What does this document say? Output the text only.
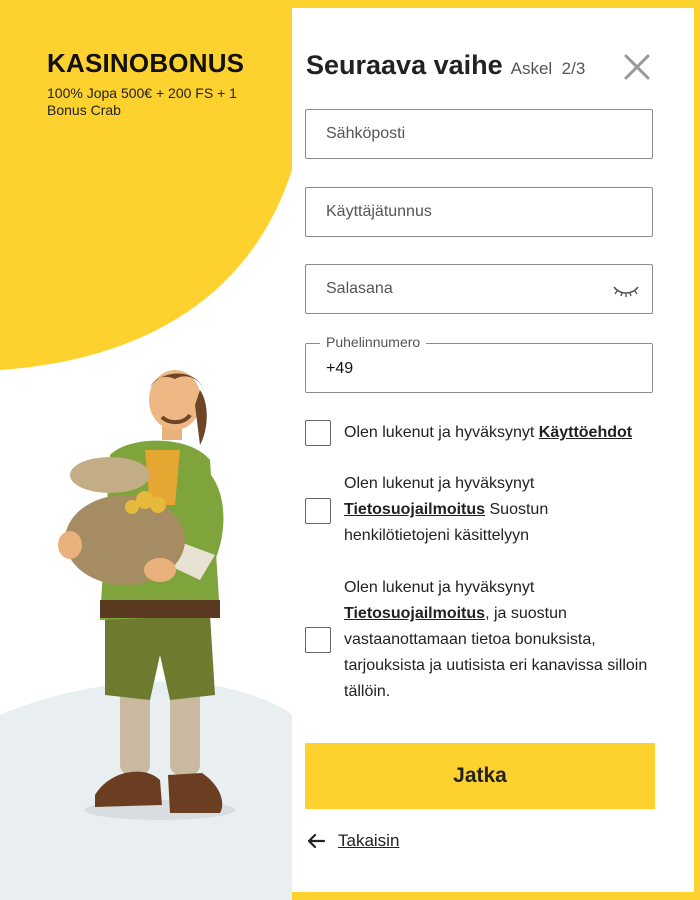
KASINOBONUS

100% Jopa 500€ + 200 FS + 1 Bonus Crab

Seuraava vaihe Askel 2/3
Sähköposti
Käyttäjätunnus
Puhelinnumero
+49
Olen lukenut ja hyväksynyt Käyttöehdot
Olen lukenut ja hyväksynyt Tietosuojailmoitus Suostun henkilötietojeni käsittelyyn
Olen lukenut ja hyväksynyt Tietosuojailmoitus, ja suostun vastaanottamaan tietoa bonuksista, tarjouksista ja uutisista eri kanavissa silloin tällöin.
Jatka
Takaisin
